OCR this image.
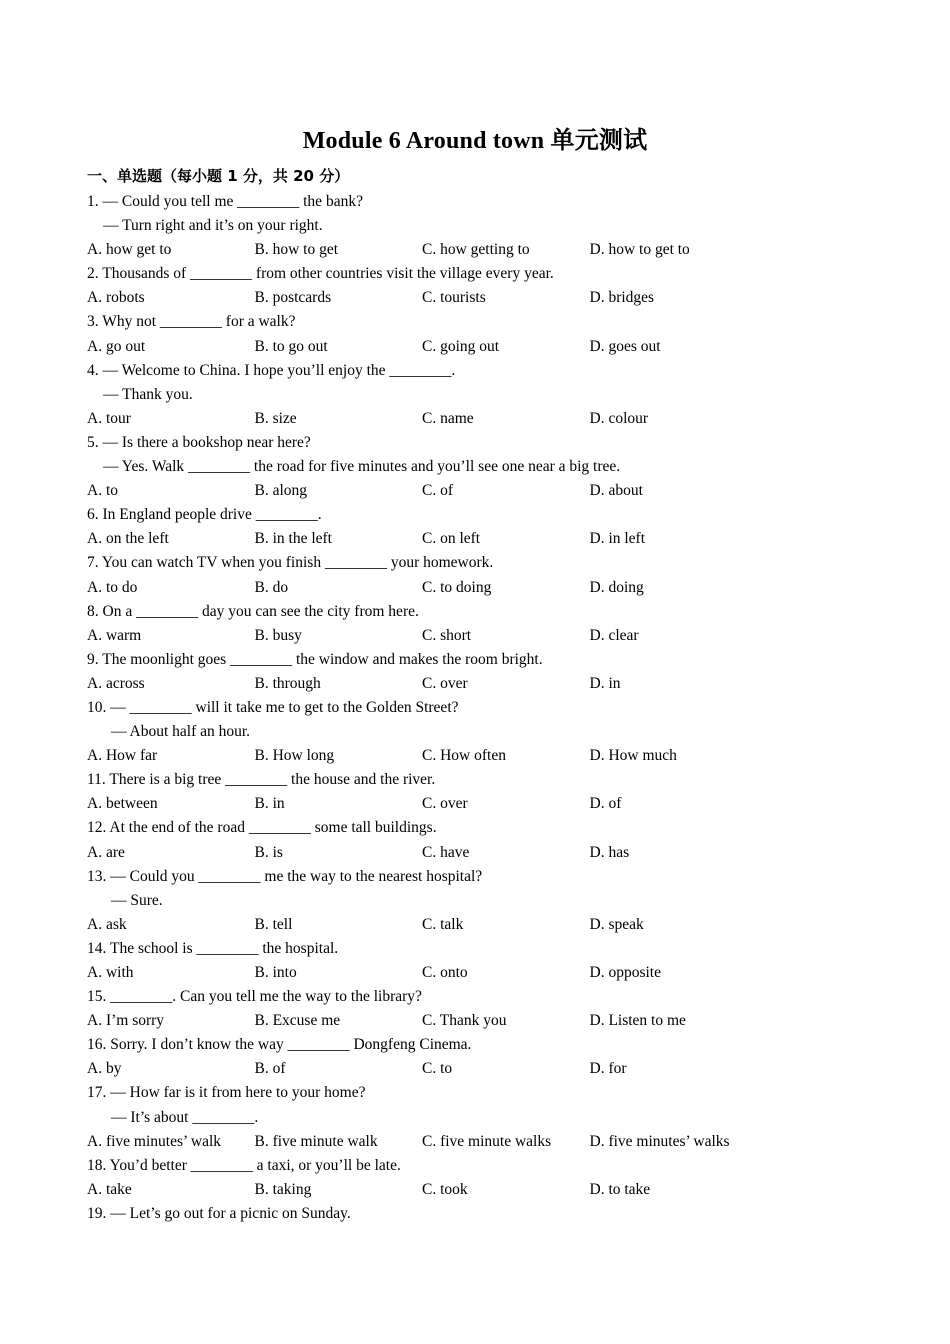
Module 6 Around town 单元测试
一、单选题（每小题 1 分，共 20 分）
1. — Could you tell me ________ the bank?
— Turn right and it’s on your right.
A. how get to	B. how to get	C. how getting to	D. how to get to
2. Thousands of ________ from other countries visit the village every year.
A. robots	B. postcards	C. tourists	D. bridges
3. Why not ________ for a walk?
A. go out	B. to go out	C. going out	D. goes out
4. — Welcome to China. I hope you’ll enjoy the ________.
— Thank you.
A. tour	B. size	C. name	D. colour
5. — Is there a bookshop near here?
— Yes. Walk ________ the road for five minutes and you’ll see one near a big tree.
A. to	B. along	C. of	D. about
6. In England people drive ________.
A. on the left	B. in the left	C. on left	D. in left
7. You can watch TV when you finish ________ your homework.
A. to do	B. do	C. to doing	D. doing
8. On a ________ day you can see the city from here.
A. warm	B. busy	C. short	D. clear
9. The moonlight goes ________ the window and makes the room bright.
A. across	B. through	C. over	D. in
10. — ________ will it take me to get to the Golden Street?
— About half an hour.
A. How far	B. How long	C. How often	D. How much
11. There is a big tree ________ the house and the river.
A. between	B. in	C. over	D. of
12. At the end of the road ________ some tall buildings.
A. are	B. is	C. have	D. has
13. — Could you ________ me the way to the nearest hospital?
— Sure.
A. ask	B. tell	C. talk	D. speak
14. The school is ________ the hospital.
A. with	B. into	C. onto	D. opposite
15. ________. Can you tell me the way to the library?
A. I’m sorry	B. Excuse me	C. Thank you	D. Listen to me
16. Sorry. I don’t know the way ________ Dongfeng Cinema.
A. by	B. of	C. to	D. for
17. — How far is it from here to your home?
— It’s about ________.
A. five minutes’ walk	B. five minute walk	C. five minute walks	D. five minutes’ walks
18. You’d better ________ a taxi, or you’ll be late.
A. take	B. taking	C. took	D. to take
19. — Let’s go out for a picnic on Sunday.
